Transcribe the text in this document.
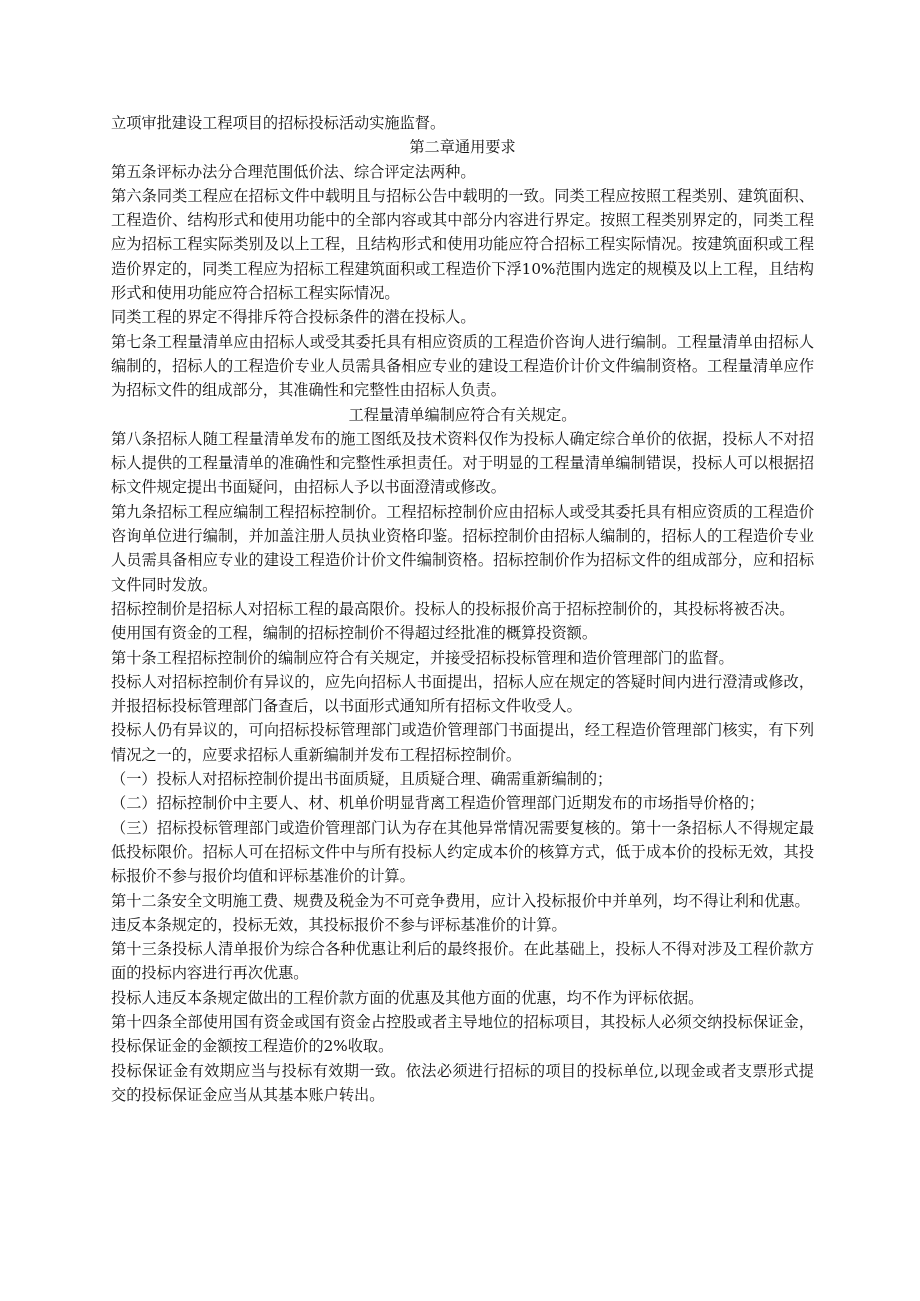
立项审批建设工程项目的招标投标活动实施监督。

第二章通用要求

第五条评标办法分合理范围低价法、综合评定法两种。

第六条同类工程应在招标文件中载明且与招标公告中载明的一致。同类工程应按照工程类别、建筑面积、工程造价、结构形式和使用功能中的全部内容或其中部分内容进行界定。按照工程类别界定的，同类工程应为招标工程实际类别及以上工程，且结构形式和使用功能应符合招标工程实际情况。按建筑面积或工程造价界定的，同类工程应为招标工程建筑面积或工程造价下浮10%范围内选定的规模及以上工程，且结构形式和使用功能应符合招标工程实际情况。

同类工程的界定不得排斥符合投标条件的潜在投标人。

第七条工程量清单应由招标人或受其委托具有相应资质的工程造价咨询人进行编制。工程量清单由招标人编制的，招标人的工程造价专业人员需具备相应专业的建设工程造价计价文件编制资格。工程量清单应作为招标文件的组成部分，其准确性和完整性由招标人负责。

工程量清单编制应符合有关规定。

第八条招标人随工程量清单发布的施工图纸及技术资料仅作为投标人确定综合单价的依据，投标人不对招标人提供的工程量清单的准确性和完整性承担责任。对于明显的工程量清单编制错误，投标人可以根据招标文件规定提出书面疑问，由招标人予以书面澄清或修改。

第九条招标工程应编制工程招标控制价。工程招标控制价应由招标人或受其委托具有相应资质的工程造价咨询单位进行编制，并加盖注册人员执业资格印鉴。招标控制价由招标人编制的，招标人的工程造价专业人员需具备相应专业的建设工程造价计价文件编制资格。招标控制价作为招标文件的组成部分，应和招标文件同时发放。

招标控制价是招标人对招标工程的最高限价。投标人的投标报价高于招标控制价的，其投标将被否决。

使用国有资金的工程，编制的招标控制价不得超过经批准的概算投资额。

第十条工程招标控制价的编制应符合有关规定，并接受招标投标管理和造价管理部门的监督。

投标人对招标控制价有异议的，应先向招标人书面提出，招标人应在规定的答疑时间内进行澄清或修改，并报招标投标管理部门备查后，以书面形式通知所有招标文件收受人。

投标人仍有异议的，可向招标投标管理部门或造价管理部门书面提出，经工程造价管理部门核实，有下列情况之一的，应要求招标人重新编制并发布工程招标控制价。

（一）投标人对招标控制价提出书面质疑，且质疑合理、确需重新编制的；

（二）招标控制价中主要人、材、机单价明显背离工程造价管理部门近期发布的市场指导价格的；

（三）招标投标管理部门或造价管理部门认为存在其他异常情况需要复核的。第十一条招标人不得规定最低投标限价。招标人可在招标文件中与所有投标人约定成本价的核算方式，低于成本价的投标无效，其投标报价不参与报价均值和评标基准价的计算。

第十二条安全文明施工费、规费及税金为不可竞争费用，应计入投标报价中并单列，均不得让利和优惠。

违反本条规定的，投标无效，其投标报价不参与评标基准价的计算。

第十三条投标人清单报价为综合各种优惠让利后的最终报价。在此基础上，投标人不得对涉及工程价款方面的投标内容进行再次优惠。

投标人违反本条规定做出的工程价款方面的优惠及其他方面的优惠，均不作为评标依据。

第十四条全部使用国有资金或国有资金占控股或者主导地位的招标项目，其投标人必须交纳投标保证金，投标保证金的金额按工程造价的2%收取。

投标保证金有效期应当与投标有效期一致。依法必须进行招标的项目的投标单位,以现金或者支票形式提交的投标保证金应当从其基本账户转出。
